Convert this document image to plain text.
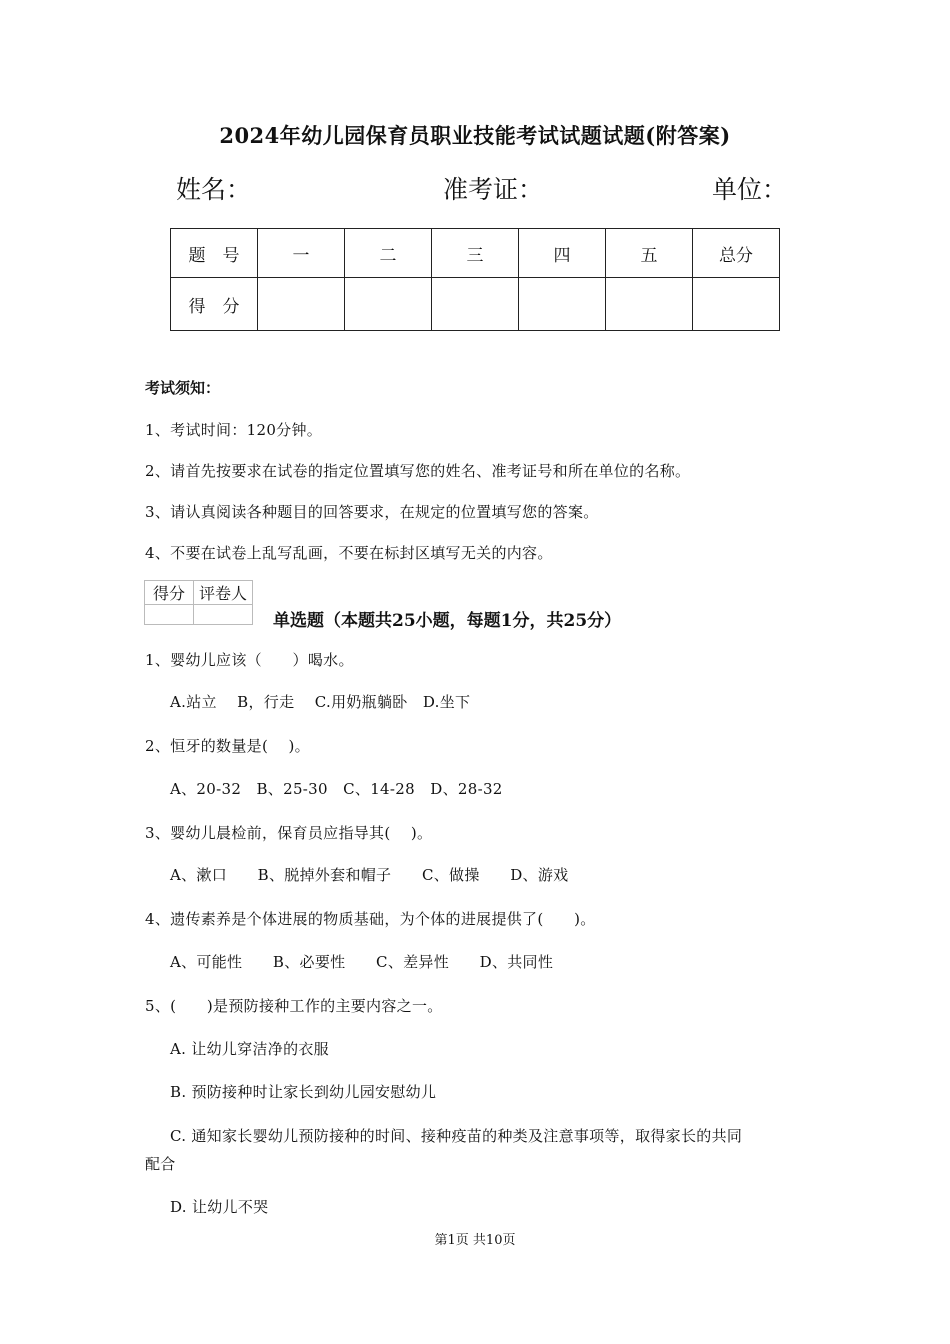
2024年幼儿园保育员职业技能考试试题试题(附答案)
姓名：	准考证：	单位：
题　号	一	二	三	四	五	总分
得　分						
考试须知：
1、考试时间：120分钟。
2、请首先按要求在试卷的指定位置填写您的姓名、准考证号和所在单位的名称。
3、请认真阅读各种题目的回答要求，在规定的位置填写您的答案。
4、不要在试卷上乱写乱画，不要在标封区填写无关的内容。
得分	评卷人

单选题（本题共25小题，每题1分，共25分）
1、婴幼儿应该（　　）喝水。
A.站立　 B，行走　 C.用奶瓶躺卧　D.坐下
2、恒牙的数量是(　 )。
A、20-32　B、25-30　C、14-28　D、28-32
3、婴幼儿晨检前，保育员应指导其(　 )。
A、漱口　　B、脱掉外套和帽子　　C、做操　　D、游戏
4、遗传素养是个体进展的物质基础，为个体的进展提供了(　　)。
A、可能性　　B、必要性　　C、差异性　　D、共同性
5、(　　)是预防接种工作的主要内容之一。
A. 让幼儿穿洁净的衣服
B. 预防接种时让家长到幼儿园安慰幼儿
C. 通知家长婴幼儿预防接种的时间、接种疫苗的种类及注意事项等，取得家长的共同
配合
D. 让幼儿不哭
第1页 共10页
